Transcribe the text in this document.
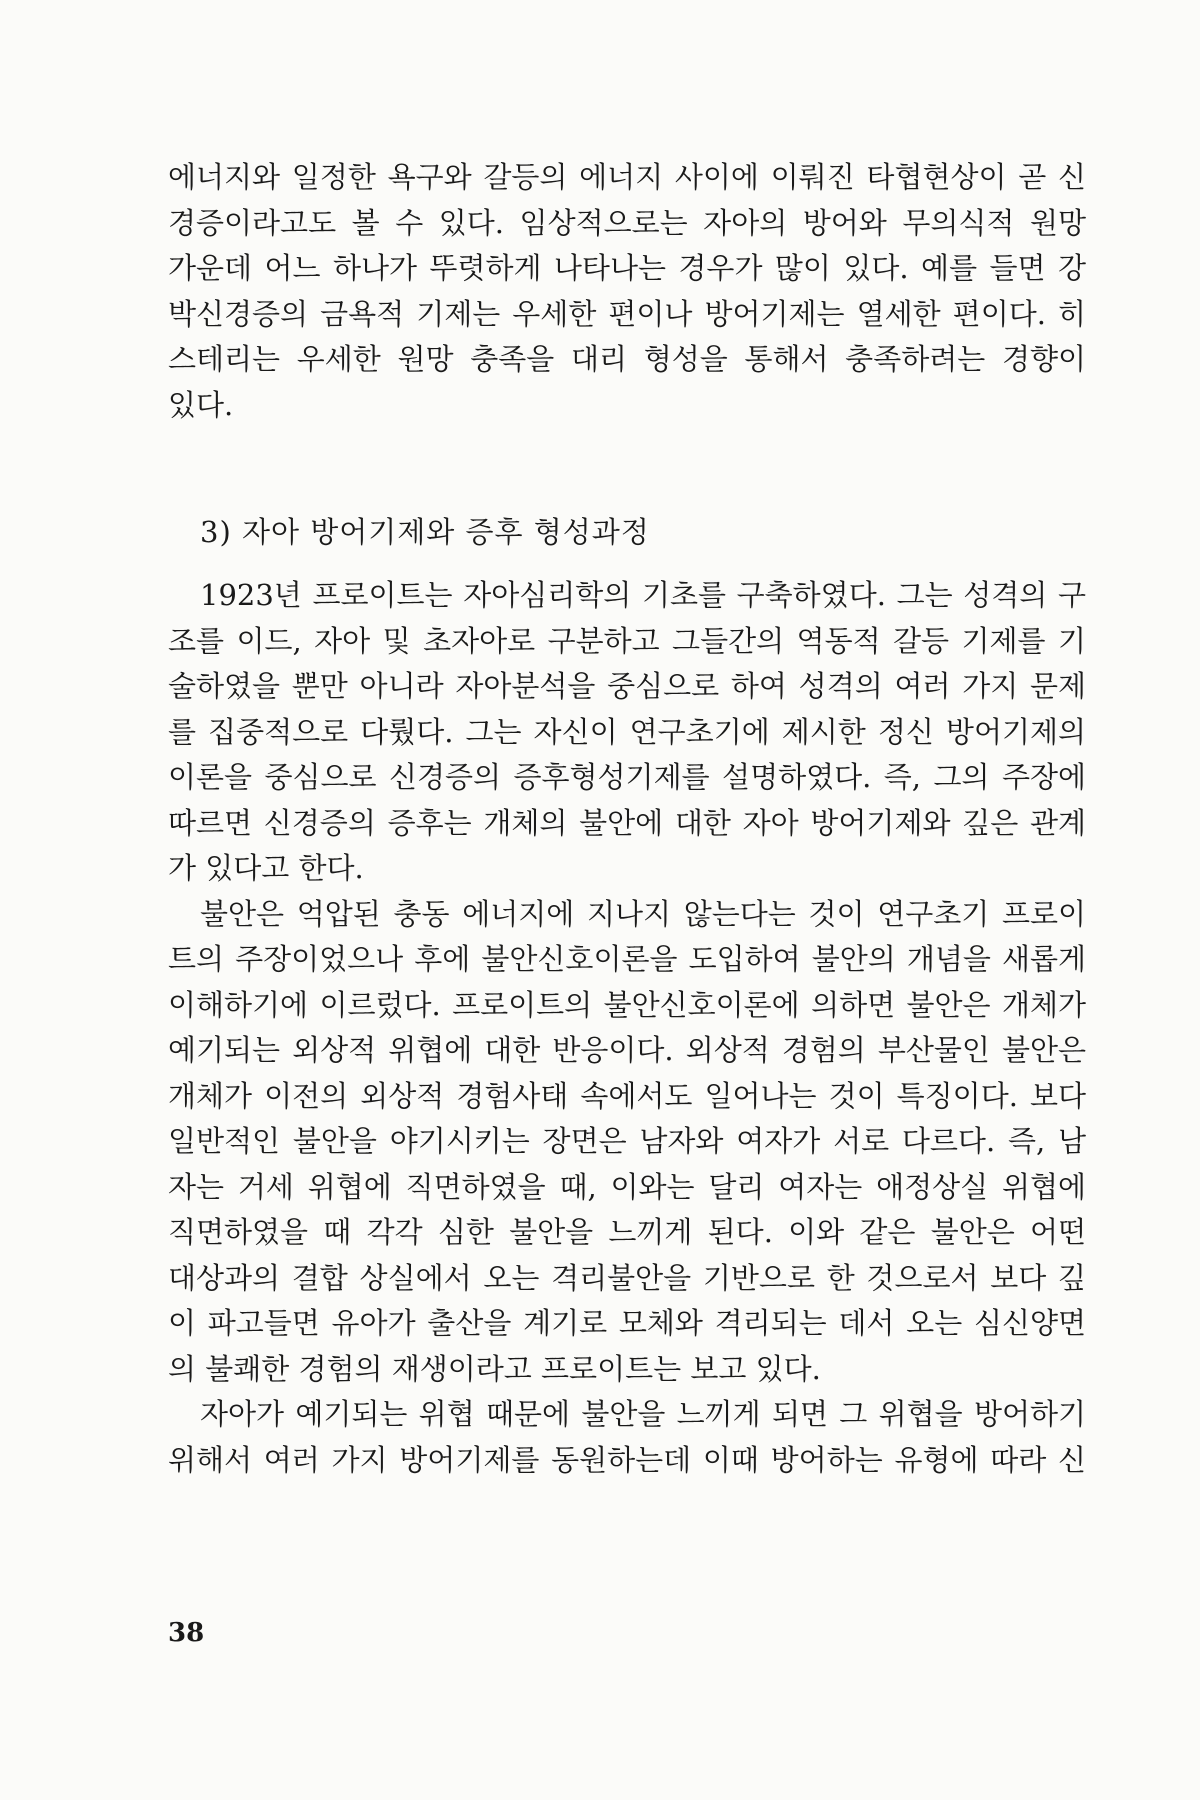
에너지와 일정한 욕구와 갈등의 에너지 사이에 이뤄진 타협현상이 곧 신
경증이라고도 볼 수 있다. 임상적으로는 자아의 방어와 무의식적 원망
가운데 어느 하나가 뚜렷하게 나타나는 경우가 많이 있다. 예를 들면 강
박신경증의 금욕적 기제는 우세한 편이나 방어기제는 열세한 편이다. 히
스테리는 우세한 원망 충족을 대리 형성을 통해서 충족하려는 경향이
있다.

3) 자아 방어기제와 증후 형성과정

1923년 프로이트는 자아심리학의 기초를 구축하였다. 그는 성격의 구
조를 이드, 자아 및 초자아로 구분하고 그들간의 역동적 갈등 기제를 기
술하였을 뿐만 아니라 자아분석을 중심으로 하여 성격의 여러 가지 문제
를 집중적으로 다뤘다. 그는 자신이 연구초기에 제시한 정신 방어기제의
이론을 중심으로 신경증의 증후형성기제를 설명하였다. 즉, 그의 주장에
따르면 신경증의 증후는 개체의 불안에 대한 자아 방어기제와 깊은 관계
가 있다고 한다.

불안은 억압된 충동 에너지에 지나지 않는다는 것이 연구초기 프로이
트의 주장이었으나 후에 불안신호이론을 도입하여 불안의 개념을 새롭게
이해하기에 이르렀다. 프로이트의 불안신호이론에 의하면 불안은 개체가
예기되는 외상적 위협에 대한 반응이다. 외상적 경험의 부산물인 불안은
개체가 이전의 외상적 경험사태 속에서도 일어나는 것이 특징이다. 보다
일반적인 불안을 야기시키는 장면은 남자와 여자가 서로 다르다. 즉, 남
자는 거세 위협에 직면하였을 때, 이와는 달리 여자는 애정상실 위협에
직면하였을 때 각각 심한 불안을 느끼게 된다. 이와 같은 불안은 어떤
대상과의 결합 상실에서 오는 격리불안을 기반으로 한 것으로서 보다 깊
이 파고들면 유아가 출산을 계기로 모체와 격리되는 데서 오는 심신양면
의 불쾌한 경험의 재생이라고 프로이트는 보고 있다.

자아가 예기되는 위협 때문에 불안을 느끼게 되면 그 위협을 방어하기
위해서 여러 가지 방어기제를 동원하는데 이때 방어하는 유형에 따라 신

38
